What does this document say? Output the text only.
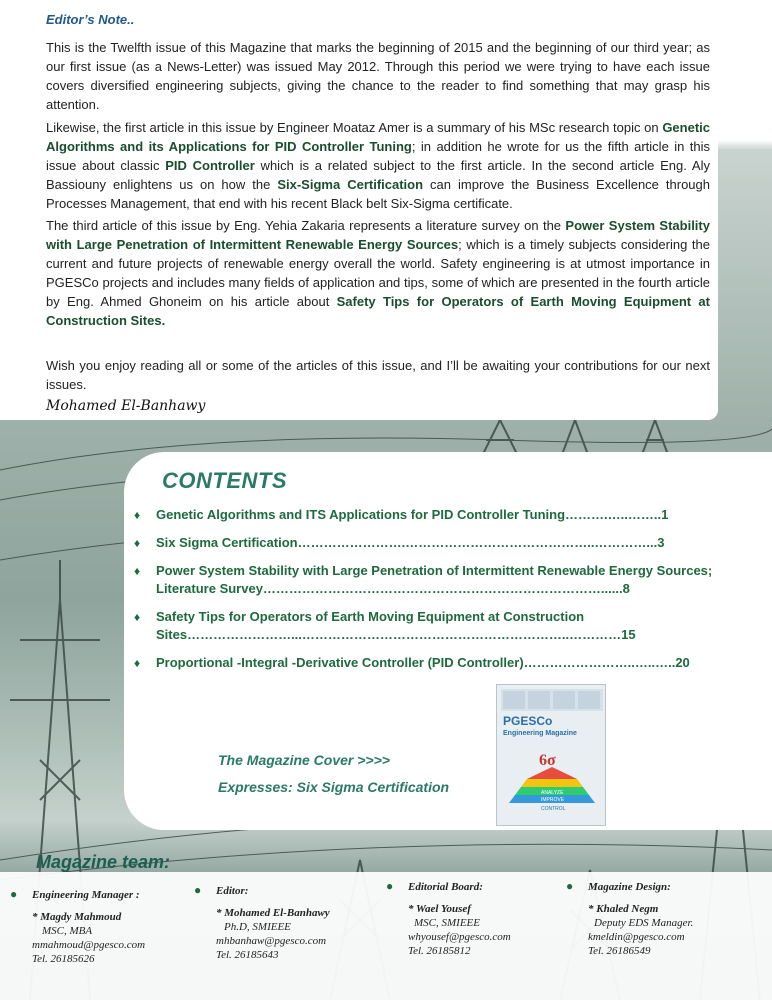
Editor’s Note..

This is the Twelfth issue of this Magazine that marks the beginning of 2015 and the beginning of our third year; as our first issue (as a News-Letter) was issued May 2012. Through this period we were trying to have each issue covers diversified engineering subjects, giving the chance to the reader to find something that may grasp his attention.

Likewise, the first article in this issue by Engineer Moataz Amer is a summary of his MSc research topic on Genetic Algorithms and its Applications for PID Controller Tuning; in addition he wrote for us the fifth article in this issue about classic PID Controller which is a related subject to the first article. In the second article Eng. Aly Bassiouny enlightens us on how the Six-Sigma Certification can improve the Business Excellence through Processes Management, that end with his recent Black belt Six-Sigma certificate.

The third article of this issue by Eng. Yehia Zakaria represents a literature survey on the Power System Stability with Large Penetration of Intermittent Renewable Energy Sources; which is a timely subjects considering the current and future projects of renewable energy overall the world. Safety engineering is at utmost importance in PGESCo projects and includes many fields of application and tips, some of which are presented in the fourth article by Eng. Ahmed Ghoneim on his article about Safety Tips for Operators of Earth Moving Equipment at Construction Sites.

Wish you enjoy reading all or some of the articles of this issue, and I’ll be awaiting your contributions for our next issues.

Mohamed El-Banhawy
CONTENTS
♦ Genetic Algorithms and ITS Applications for PID Controller Tuning……….…..……..1
♦ Six Sigma Certification…………………….……………………………………..…………...3
♦ Power System Stability with Large Penetration of Intermittent Renewable Energy Sources; Literature Survey……………………………………………………………………......8
♦ Safety Tips for Operators of Earth Moving Equipment at Construction Sites……………………...……………………………………………………..…………15
♦ Proportional -Integral -Derivative Controller (PID Controller)……………………..…..…..20
The Magazine Cover >>>>
Expresses: Six Sigma Certification
PGESCo
Engineering Magazine
6σ
ANALYZE
IMPROVE
CONTROL
Magazine team:
● Engineering Manager :
* Magdy Mahmoud
MSC, MBA
mmahmoud@pgesco.com
Tel. 26185626
● Editor:
* Mohamed El-Banhawy
Ph.D, SMIEEE
mhbanhaw@pgesco.com
Tel. 26185643
● Editorial Board:
* Wael Yousef
MSC, SMIEEE
whyousef@pgesco.com
Tel. 26185812
● Magazine Design:
* Khaled Negm
Deputy EDS Manager.
kmeldin@pgesco.com
Tel. 26186549
